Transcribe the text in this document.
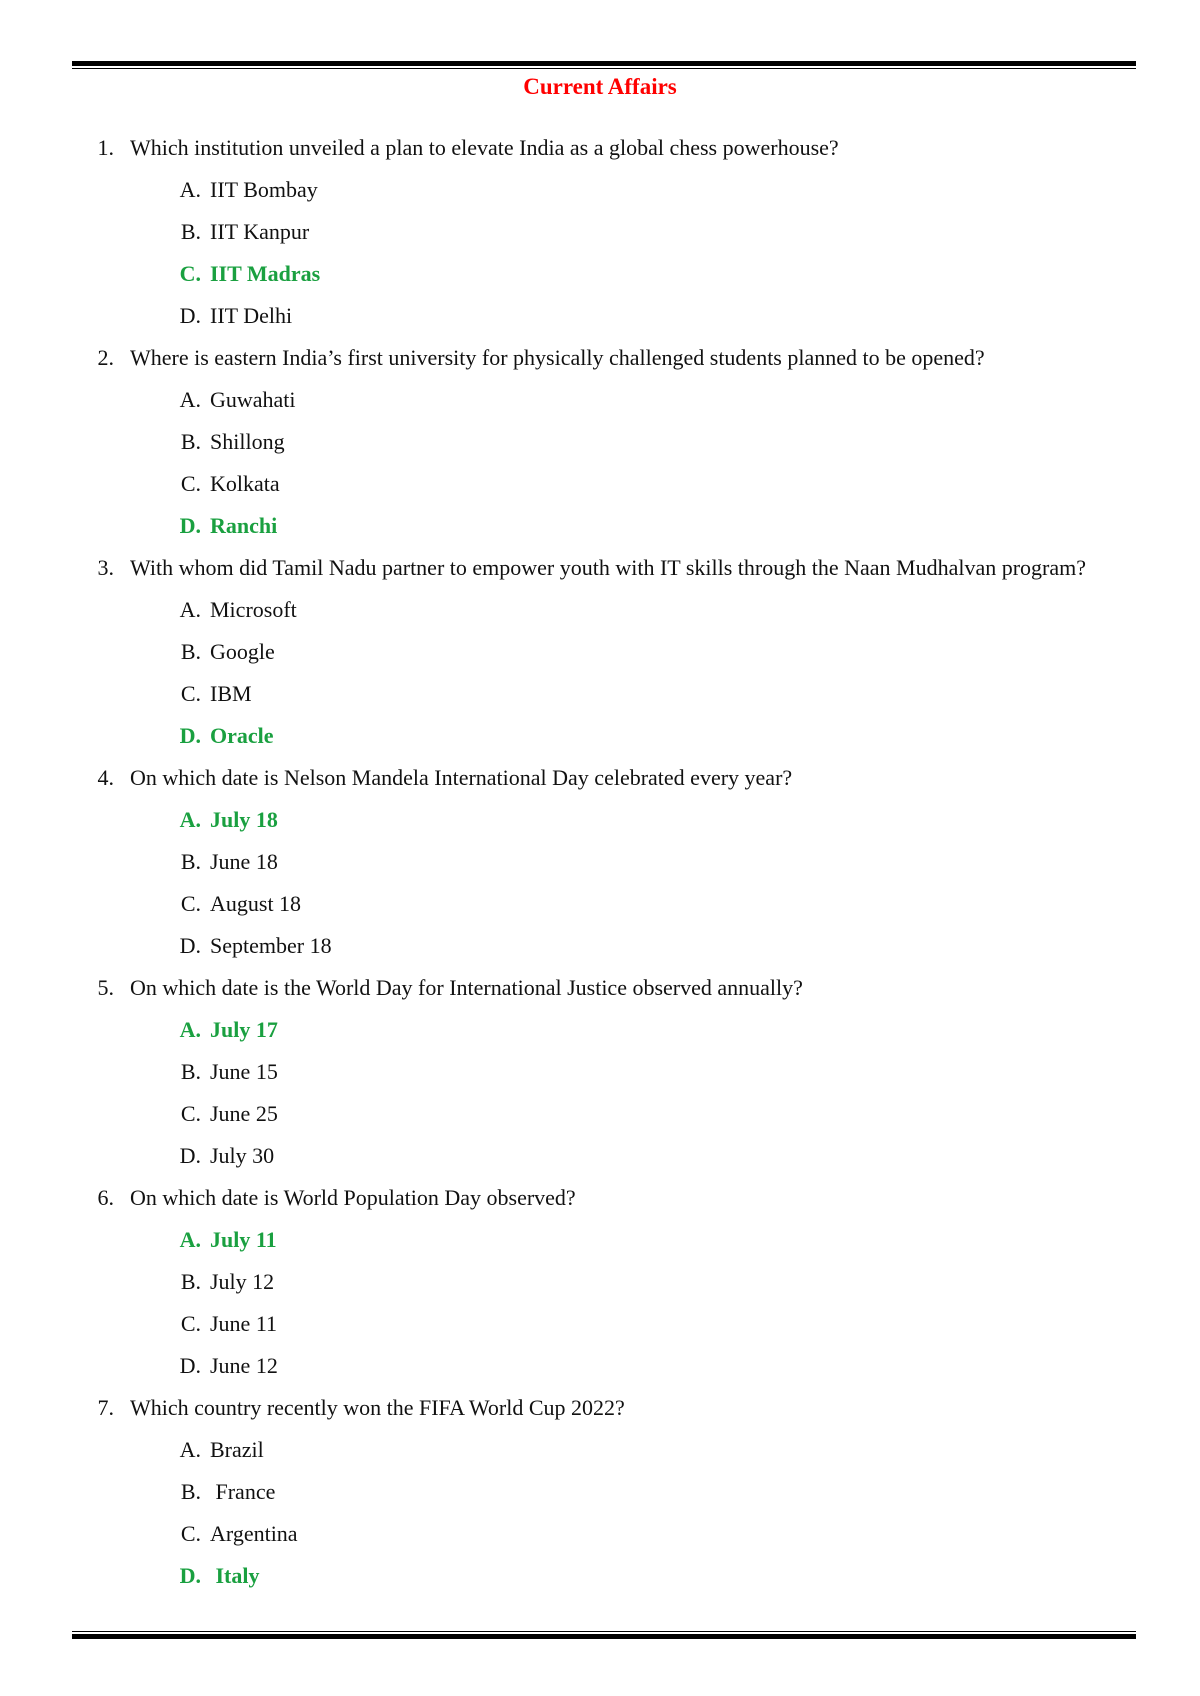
Current Affairs
1. Which institution unveiled a plan to elevate India as a global chess powerhouse?
A. IIT Bombay
B. IIT Kanpur
C. IIT Madras
D. IIT Delhi
2. Where is eastern India’s first university for physically challenged students planned to be opened?
A. Guwahati
B. Shillong
C. Kolkata
D. Ranchi
3. With whom did Tamil Nadu partner to empower youth with IT skills through the Naan Mudhalvan program?
A. Microsoft
B. Google
C. IBM
D. Oracle
4. On which date is Nelson Mandela International Day celebrated every year?
A. July 18
B. June 18
C. August 18
D. September 18
5. On which date is the World Day for International Justice observed annually?
A. July 17
B. June 15
C. June 25
D. July 30
6. On which date is World Population Day observed?
A. July 11
B. July 12
C. June 11
D. June 12
7. Which country recently won the FIFA World Cup 2022?
A. Brazil
B. France
C. Argentina
D. Italy
